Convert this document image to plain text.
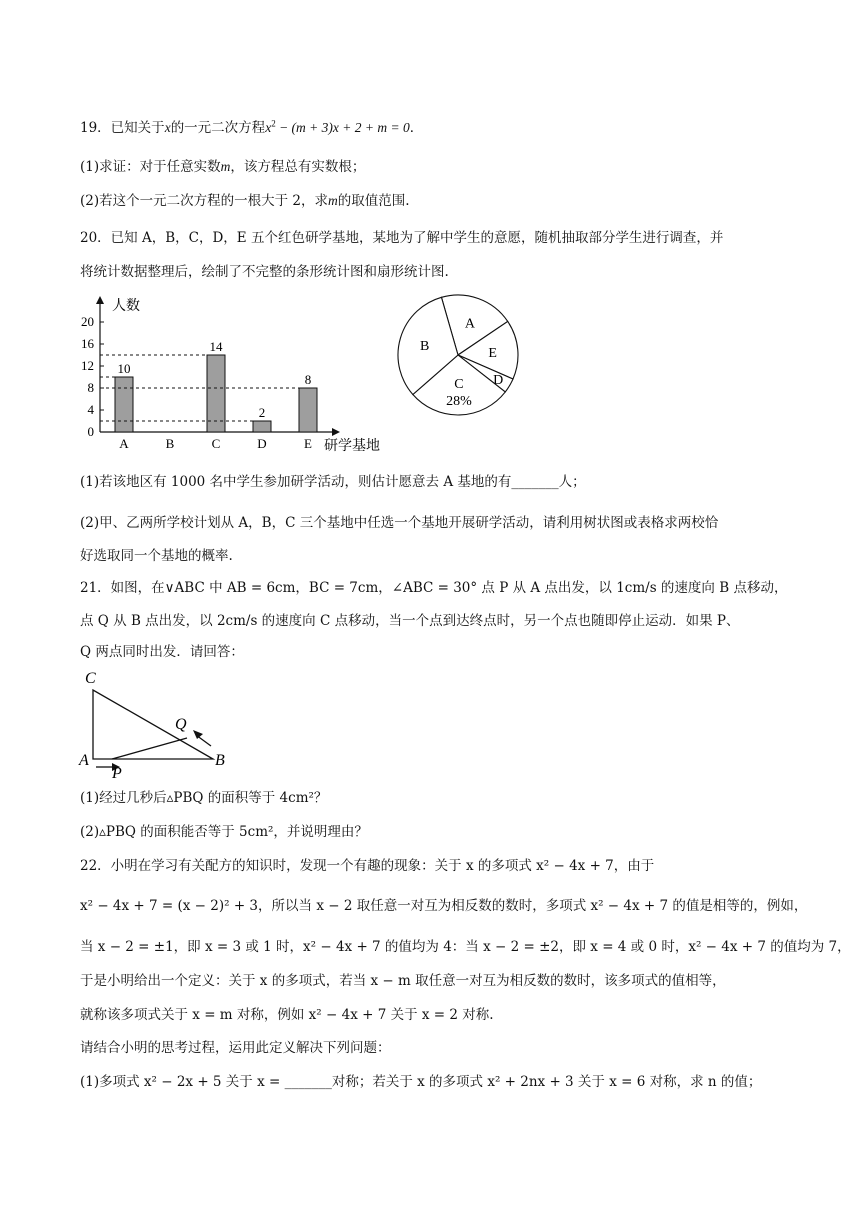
19．已知关于x的一元二次方程$x^2 - (m + 3)x + 2 + m = 0$．
(1)求证：对于任意实数m，该方程总有实数根；
(2)若这个一元二次方程的一根大于 2，求m的取值范围.
20．已知 A，B，C，D，E 五个红色研学基地，某地为了解中学生的意愿，随机抽取部分学生进行调查，并
将统计数据整理后，绘制了不完整的条形统计图和扇形统计图.
0
4
8
12
16
20
A
10
B	C
14
D
2
E
8
人数
研学基地
A
E
D
C
28%
B
(1)若该地区有 1000 名中学生参加研学活动，则估计愿意去 A 基地的有_______人；
(2)甲、乙两所学校计划从 A，B，C 三个基地中任选一个基地开展研学活动，请利用树状图或表格求两校恰
好选取同一个基地的概率.
21．如图，在∨ABC 中 AB = 6cm，BC = 7cm，∠ABC = 30° 点 P 从 A 点出发，以 1cm/s 的速度向 B 点移动，
点 Q 从 B 点出发，以 2cm/s 的速度向 C 点移动，当一个点到达终点时，另一个点也随即停止运动．如果 P、
Q 两点同时出发．请回答：
C
Q
A
P
B
(1)经过几秒后▵PBQ 的面积等于 4cm²？
(2)▵PBQ 的面积能否等于 5cm²，并说明理由？
22．小明在学习有关配方的知识时，发现一个有趣的现象：关于 x 的多项式 x² − 4x + 7，由于
x² − 4x + 7 = (x − 2)² + 3，所以当 x − 2 取任意一对互为相反数的数时，多项式 x² − 4x + 7 的值是相等的，例如，
当 x − 2 = ±1，即 x = 3 或 1 时，x² − 4x + 7 的值均为 4：当 x − 2 = ±2，即 x = 4 或 0 时，x² − 4x + 7 的值均为 7，
于是小明给出一个定义：关于 x 的多项式，若当 x − m 取任意一对互为相反数的数时，该多项式的值相等，
就称该多项式关于 x = m 对称，例如 x² − 4x + 7 关于 x = 2 对称.
请结合小明的思考过程，运用此定义解决下列问题：
(1)多项式 x² − 2x + 5 关于 x = _______对称；若关于 x 的多项式 x² + 2nx + 3 关于 x = 6 对称，求 n 的值；
